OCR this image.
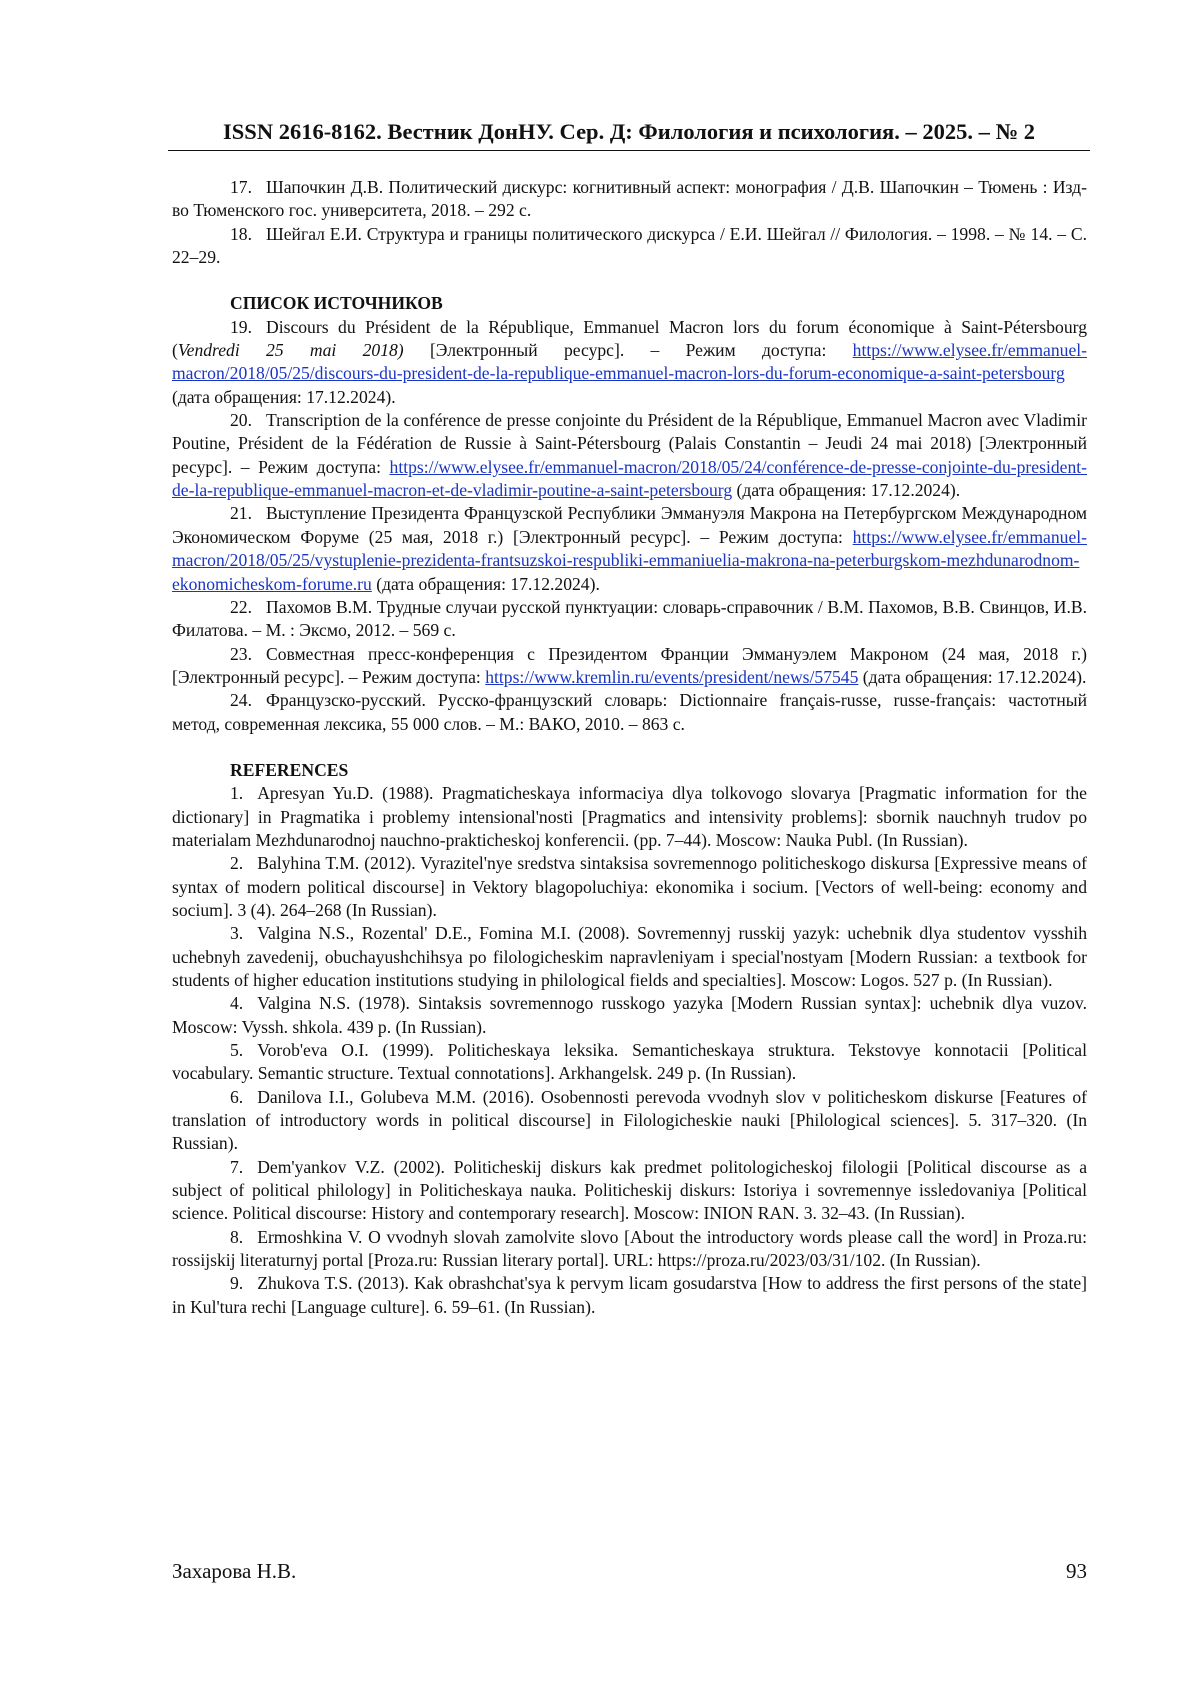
ISSN 2616-8162. Вестник ДонНУ. Сер. Д: Филология и психология. – 2025. – № 2

17. Шапочкин Д.В. Политический дискурс: когнитивный аспект: монография / Д.В. Шапочкин – Тюмень : Изд-во Тюменского гос. университета, 2018. – 292 с.

18. Шейгал Е.И. Структура и границы политического дискурса / Е.И. Шейгал // Филология. – 1998. – № 14. – С. 22–29.

СПИСОК ИСТОЧНИКОВ

19. Discours du Président de la République, Emmanuel Macron lors du forum économique à Saint-Pétersbourg (Vendredi 25 mai 2018) [Электронный ресурс]. – Режим доступа: https://www.elysee.fr/emmanuel-macron/2018/05/25/discours-du-president-de-la-republique-emmanuel-macron-lors-du-forum-economique-a-saint-petersbourg (дата обращения: 17.12.2024).

20. Transcription de la conférence de presse conjointe du Président de la République, Emmanuel Macron avec Vladimir Poutine, Président de la Fédération de Russie à Saint-Pétersbourg (Palais Constantin – Jeudi 24 mai 2018) [Электронный ресурс]. – Режим доступа: https://www.elysee.fr/emmanuel-macron/2018/05/24/conférence-de-presse-conjointe-du-president-de-la-republique-emmanuel-macron-et-de-vladimir-poutine-a-saint-petersbourg (дата обращения: 17.12.2024).

21. Выступление Президента Французской Республики Эммануэля Макрона на Петербургском Международном Экономическом Форуме (25 мая, 2018 г.) [Электронный ресурс]. – Режим доступа: https://www.elysee.fr/emmanuel-macron/2018/05/25/vystuplenie-prezidenta-frantsuzskoi-respubliki-emmaniuelia-makrona-na-peterburgskom-mezhdunarodnom-ekonomicheskom-forume.ru (дата обращения: 17.12.2024).

22. Пахомов В.М. Трудные случаи русской пунктуации: словарь-справочник / В.М. Пахомов, В.В. Свинцов, И.В. Филатова. – М. : Эксмо, 2012. – 569 с.

23. Совместная пресс-конференция с Президентом Франции Эммануэлем Макроном (24 мая, 2018 г.) [Электронный ресурс]. – Режим доступа: https://www.kremlin.ru/events/president/news/57545 (дата обращения: 17.12.2024).

24. Французско-русский. Русско-французский словарь: Dictionnaire français-russe, russe-français: частотный метод, современная лексика, 55 000 слов. – М.: ВАКО, 2010. – 863 с.

REFERENCES

1. Apresyan Yu.D. (1988). Pragmaticheskaya informaciya dlya tolkovogo slovarya [Pragmatic information for the dictionary] in Pragmatika i problemy intensional'nosti [Pragmatics and intensivity problems]: sbornik nauchnyh trudov po materialam Mezhdunarodnoj nauchno-prakticheskoj konferencii. (pp. 7–44). Moscow: Nauka Publ. (In Russian).

2. Balyhina T.M. (2012). Vyrazitel'nye sredstva sintaksisa sovremennogo politicheskogo diskursa [Expressive means of syntax of modern political discourse] in Vektory blagopoluchiya: ekonomika i socium. [Vectors of well-being: economy and socium]. 3 (4). 264–268 (In Russian).

3. Valgina N.S., Rozental' D.E., Fomina M.I. (2008). Sovremennyj russkij yazyk: uchebnik dlya studentov vysshih uchebnyh zavedenij, obuchayushchihsya po filologicheskim napravleniyam i special'nostyam [Modern Russian: a textbook for students of higher education institutions studying in philological fields and specialties]. Moscow: Logos. 527 p. (In Russian).

4. Valgina N.S. (1978). Sintaksis sovremennogo russkogo yazyka [Modern Russian syntax]: uchebnik dlya vuzov. Moscow: Vyssh. shkola. 439 p. (In Russian).

5. Vorob'eva O.I. (1999). Politicheskaya leksika. Semanticheskaya struktura. Tekstovye konnotacii [Political vocabulary. Semantic structure. Textual connotations]. Arkhangelsk. 249 p. (In Russian).

6. Danilova I.I., Golubeva M.M. (2016). Osobennosti perevoda vvodnyh slov v politicheskom diskurse [Features of translation of introductory words in political discourse] in Filologicheskie nauki [Philological sciences]. 5. 317–320. (In Russian).

7. Dem'yankov V.Z. (2002). Politicheskij diskurs kak predmet politologicheskoj filologii [Political discourse as a subject of political philology] in Politicheskaya nauka. Politicheskij diskurs: Istoriya i sovremennye issledovaniya [Political science. Political discourse: History and contemporary research]. Moscow: INION RAN. 3. 32–43. (In Russian).

8. Ermoshkina V. O vvodnyh slovah zamolvite slovo [About the introductory words please call the word] in Proza.ru: rossijskij literaturnyj portal [Proza.ru: Russian literary portal]. URL: https://proza.ru/2023/03/31/102. (In Russian).

9. Zhukova T.S. (2013). Kak obrashchat'sya k pervym licam gosudarstva [How to address the first persons of the state] in Kul'tura rechi [Language culture]. 6. 59–61. (In Russian).

Захарова Н.В.	93
